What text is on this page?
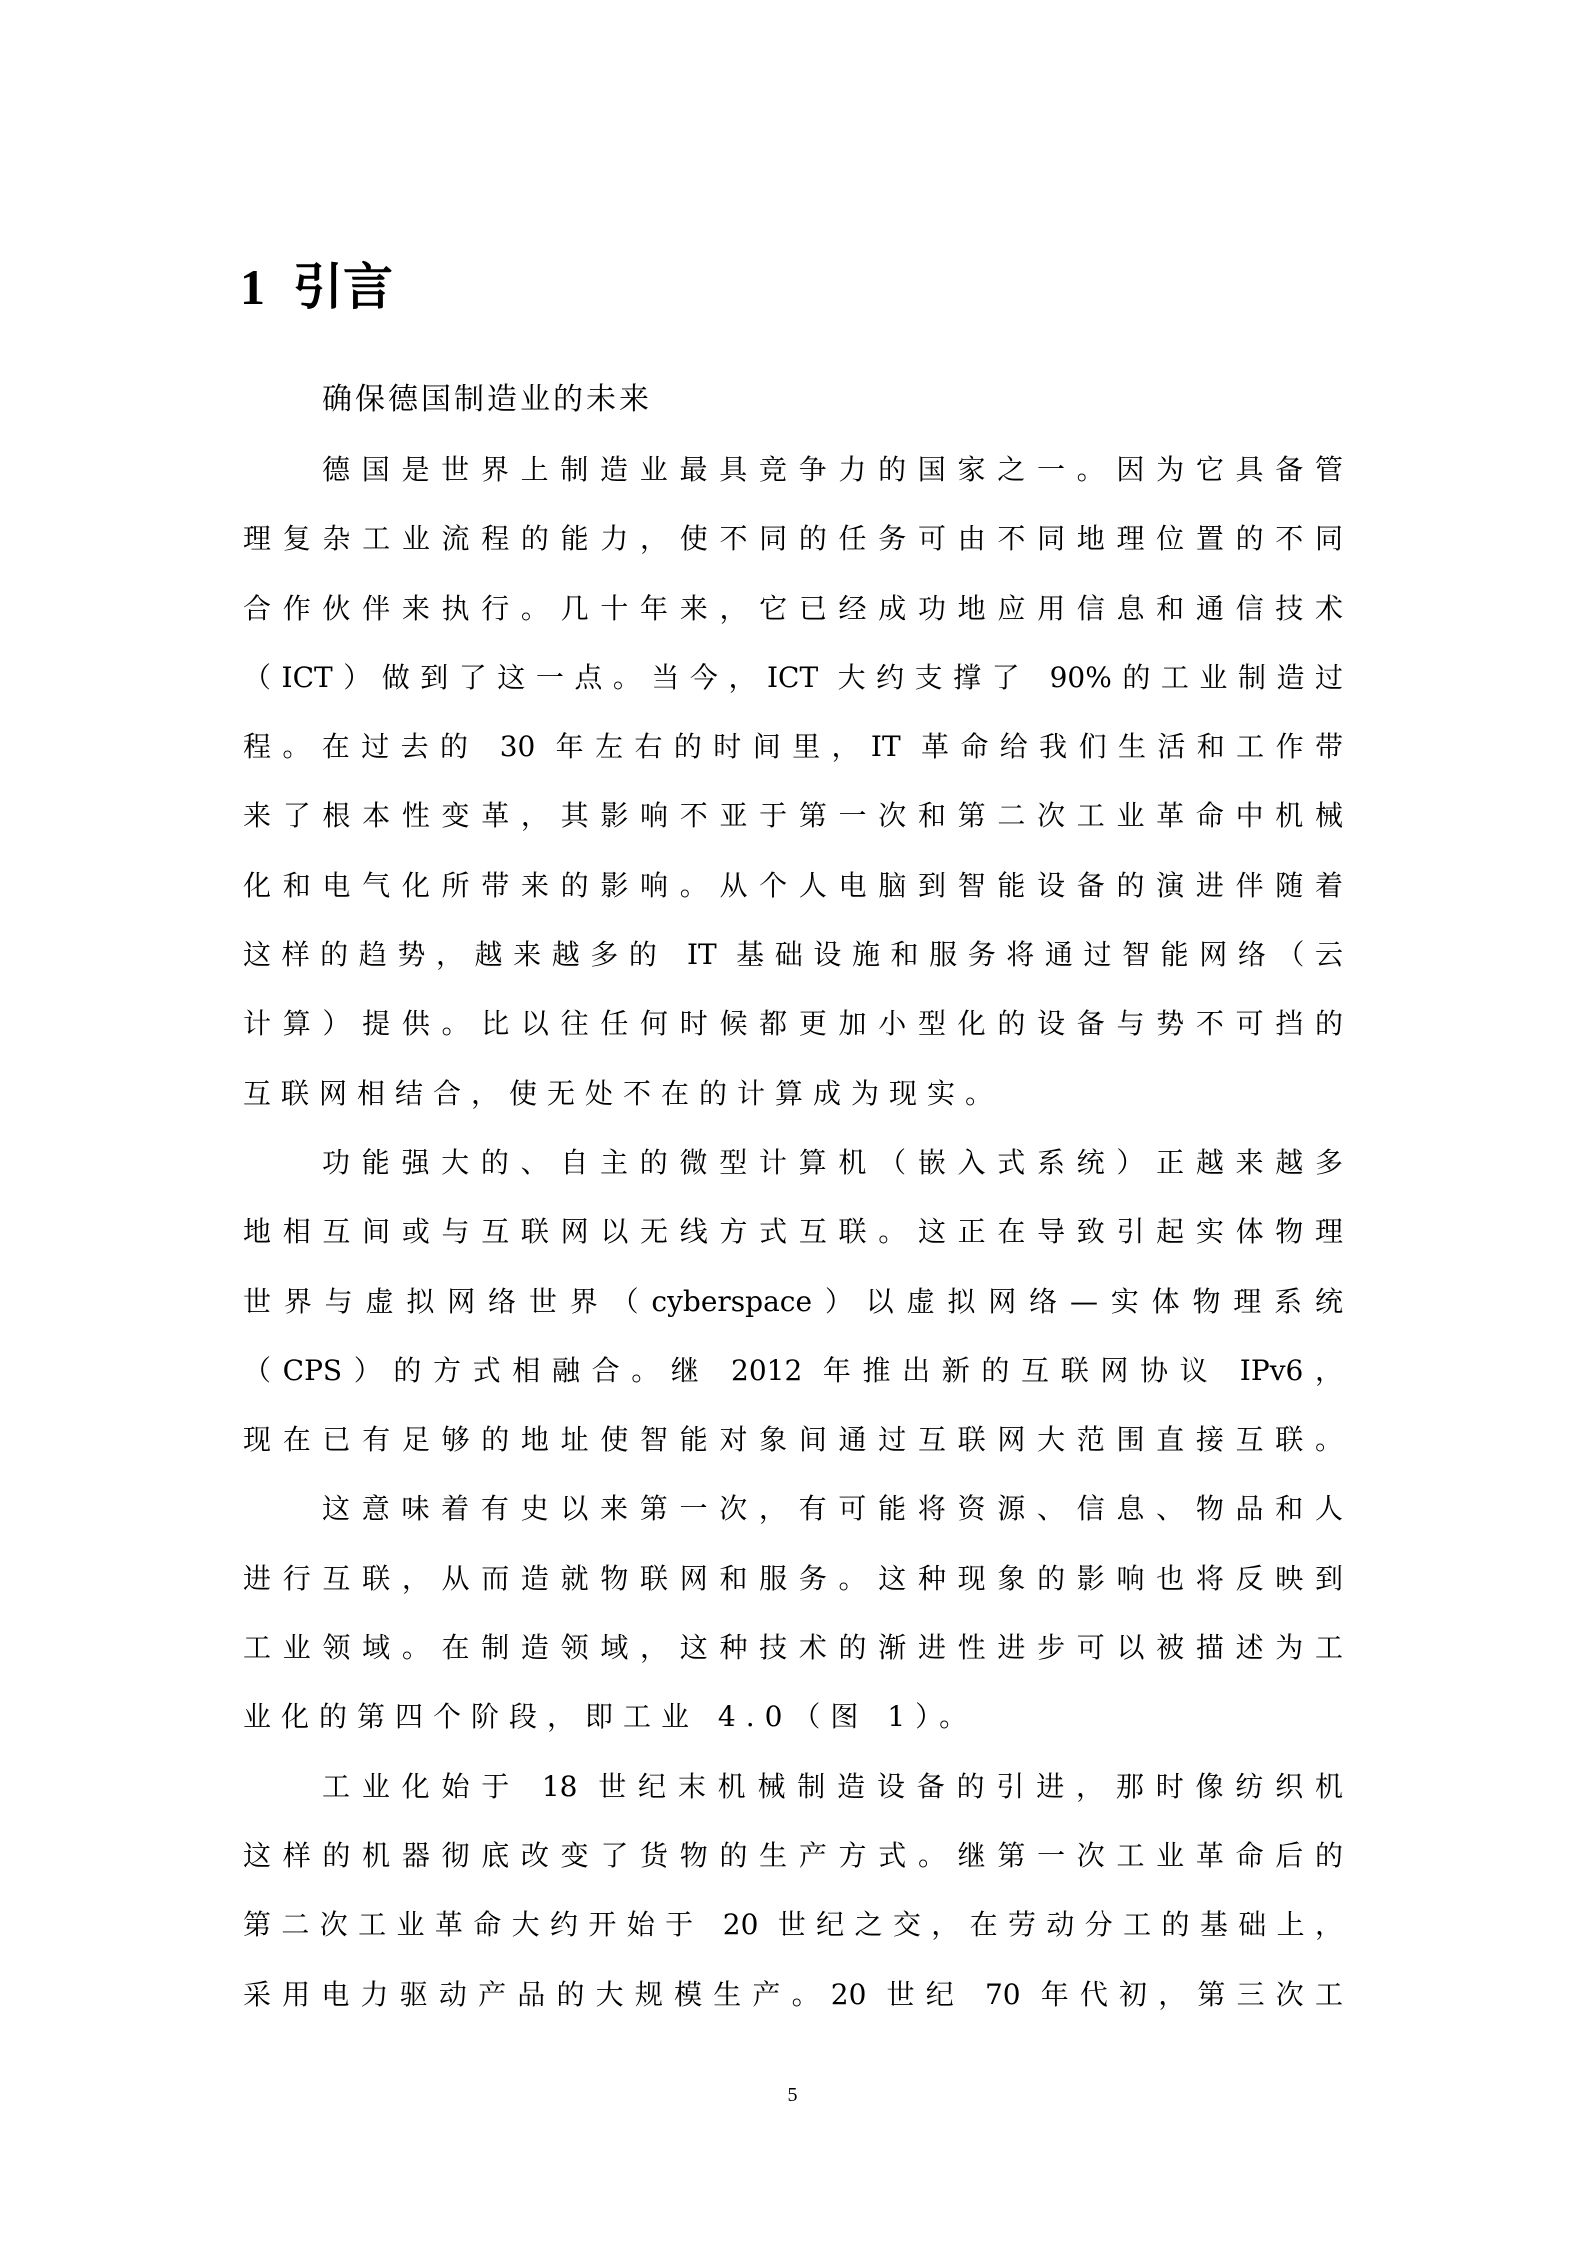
1 引言
确保德国制造业的未来
德国是世界上制造业最具竞争力的国家之一。因为它具备管
理复杂工业流程的能力，使不同的任务可由不同地理位置的不同
合作伙伴来执行。几十年来，它已经成功地应用信息和通信技术
（ICT）做到了这一点。当今，ICT 大约支撑了 90%的工业制造过
程。在过去的 30 年左右的时间里，IT 革命给我们生活和工作带
来了根本性变革，其影响不亚于第一次和第二次工业革命中机械
化和电气化所带来的影响。从个人电脑到智能设备的演进伴随着
这样的趋势，越来越多的 IT 基础设施和服务将通过智能网络（云
计算）提供。比以往任何时候都更加小型化的设备与势不可挡的
互联网相结合，使无处不在的计算成为现实。
功能强大的、自主的微型计算机（嵌入式系统）正越来越多
地相互间或与互联网以无线方式互联。这正在导致引起实体物理
世界与虚拟网络世界（cyberspace）以虚拟网络—实体物理系统
（CPS）的方式相融合。继 2012 年推出新的互联网协议 IPv6，
现在已有足够的地址使智能对象间通过互联网大范围直接互联。
这意味着有史以来第一次，有可能将资源、信息、物品和人
进行互联，从而造就物联网和服务。这种现象的影响也将反映到
工业领域。在制造领域，这种技术的渐进性进步可以被描述为工
业化的第四个阶段，即工业 4.0（图 1）。
工业化始于 18 世纪末机械制造设备的引进，那时像纺织机
这样的机器彻底改变了货物的生产方式。继第一次工业革命后的
第二次工业革命大约开始于 20 世纪之交，在劳动分工的基础上，
采用电力驱动产品的大规模生产。20 世纪 70 年代初，第三次工
5
